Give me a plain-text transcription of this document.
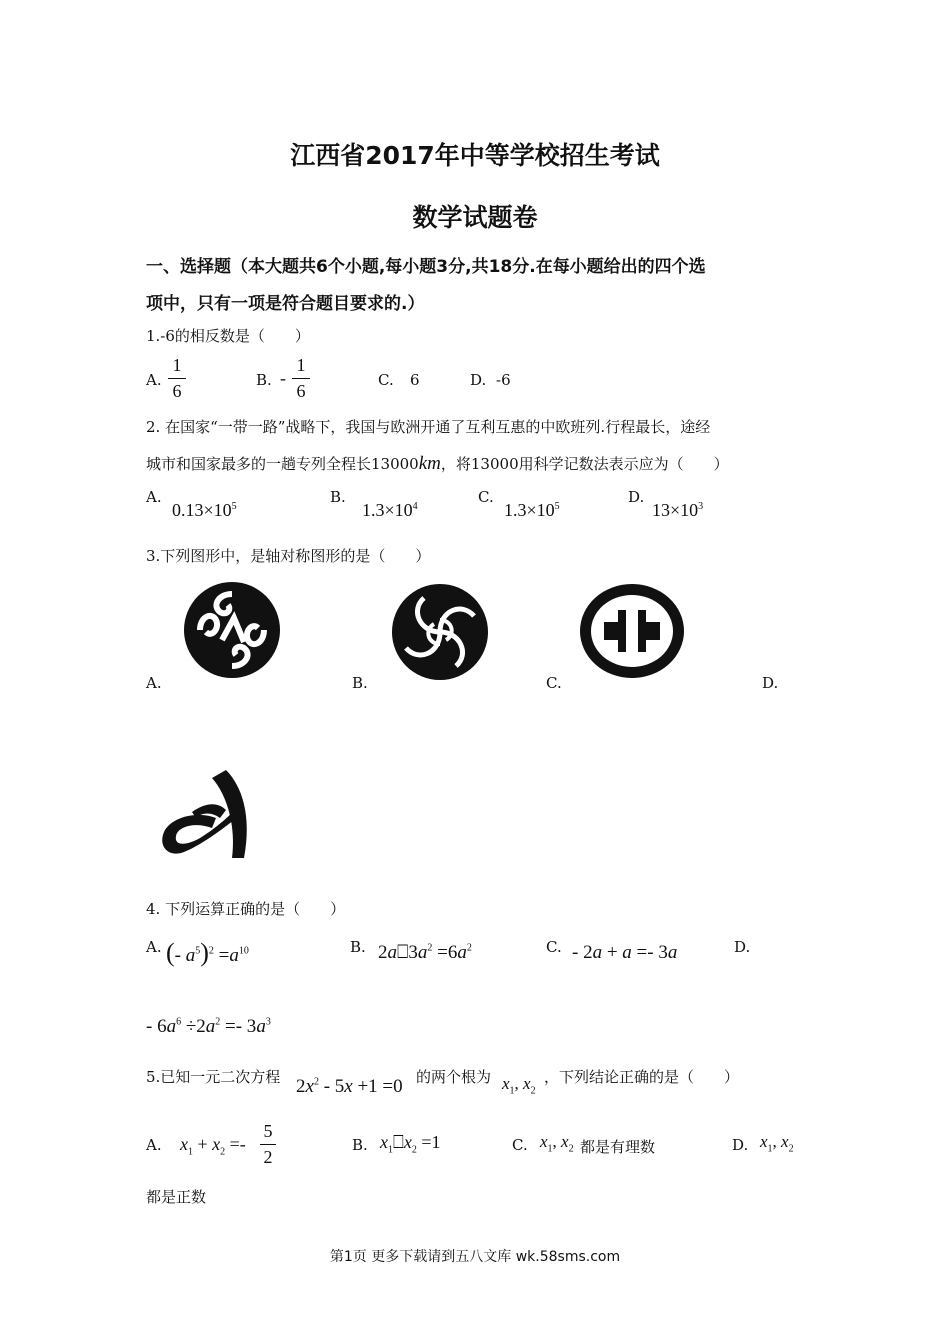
江西省2017年中等学校招生考试
数学试题卷
一、选择题（本大题共6个小题,每小题3分,共18分.在每小题给出的四个选
项中，只有一项是符合题目要求的.）
1.-6的相反数是（　　）
A.
1
6
B. -
1
6
C. 6	D. -6
2. 在国家“一带一路”战略下，我国与欧洲开通了互利互惠的中欧班列.行程最长，途经
城市和国家最多的一趟专列全程长13000km，将13000用科学记数法表示应为（　　）
A.
$0.13\times 10^5$
B.
$1.3\times 10^4$
C.
$1.3\times 10^5$
D.
$13\times 10^3$
3.下列图形中，是轴对称图形的是（　　）
A.	B.	C.	D.
4. 下列运算正确的是（　　）
A. (- $a^5)^2 =a^{10}$	B. $2a⎕3a^2 =6a^2$	C. - 2a + a =- 3a	D.
- $6a^6 \div 2a^2 =- 3a^3$
5.已知一元二次方程 $2x^2 - 5x +1 =0$ 的两个根为 $x_1$, $x_2$
，下列结论正确的是（　　）
A. $x_1 + x_2$ =-
5
2
B. $x_1⎕x_2 =1$	C. $x_1$, $x_2$ 都是有理数	D. $x_1$, $x_2$
都是正数
第1页 更多下载请到五八文库 wk.58sms.com
